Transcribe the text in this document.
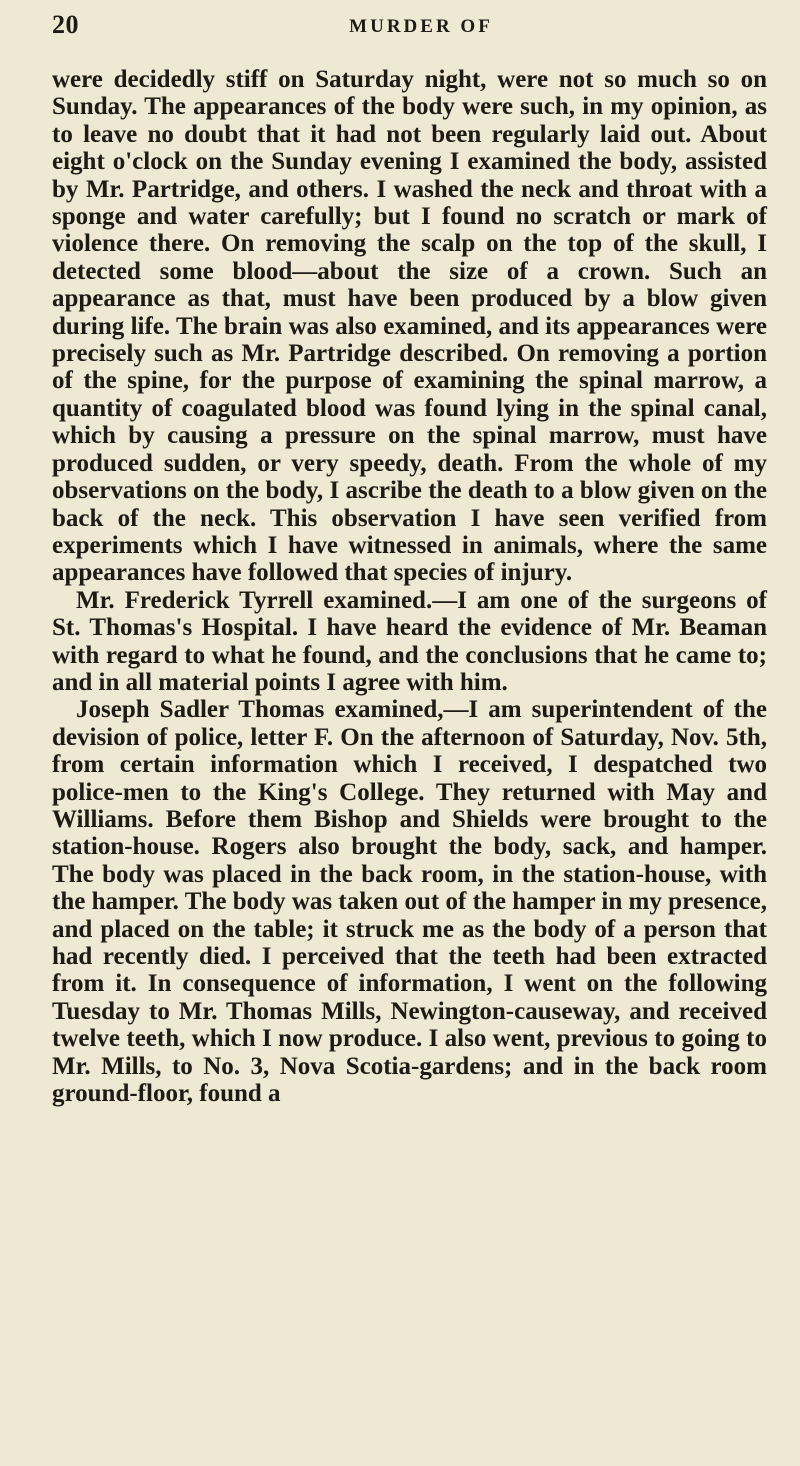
20	MURDER OF

were decidedly stiff on Saturday night, were not so much so on Sunday. The appearances of the body were such, in my opinion, as to leave no doubt that it had not been regularly laid out. About eight o'clock on the Sunday evening I examined the body, assisted by Mr. Partridge, and others. I washed the neck and throat with a sponge and water carefully; but I found no scratch or mark of violence there. On removing the scalp on the top of the skull, I detected some blood—about the size of a crown. Such an appearance as that, must have been produced by a blow given during life. The brain was also examined, and its appearances were precisely such as Mr. Partridge described. On removing a portion of the spine, for the purpose of examining the spinal marrow, a quantity of coagulated blood was found lying in the spinal canal, which by causing a pressure on the spinal marrow, must have produced sudden, or very speedy, death. From the whole of my observations on the body, I ascribe the death to a blow given on the back of the neck. This observation I have seen verified from experiments which I have witnessed in animals, where the same appearances have followed that species of injury.

Mr. Frederick Tyrrell examined.—I am one of the surgeons of St. Thomas's Hospital. I have heard the evidence of Mr. Beaman with regard to what he found, and the conclusions that he came to; and in all material points I agree with him.

Joseph Sadler Thomas examined,—I am superintendent of the devision of police, letter F. On the afternoon of Saturday, Nov. 5th, from certain information which I received, I despatched two police-men to the King's College. They returned with May and Williams. Before them Bishop and Shields were brought to the station-house. Rogers also brought the body, sack, and hamper. The body was placed in the back room, in the station-house, with the hamper. The body was taken out of the hamper in my presence, and placed on the table; it struck me as the body of a person that had recently died. I perceived that the teeth had been extracted from it. In consequence of information, I went on the following Tuesday to Mr. Thomas Mills, Newington-causeway, and received twelve teeth, which I now produce. I also went, previous to going to Mr. Mills, to No. 3, Nova Scotia-gardens; and in the back room ground-floor, found a
